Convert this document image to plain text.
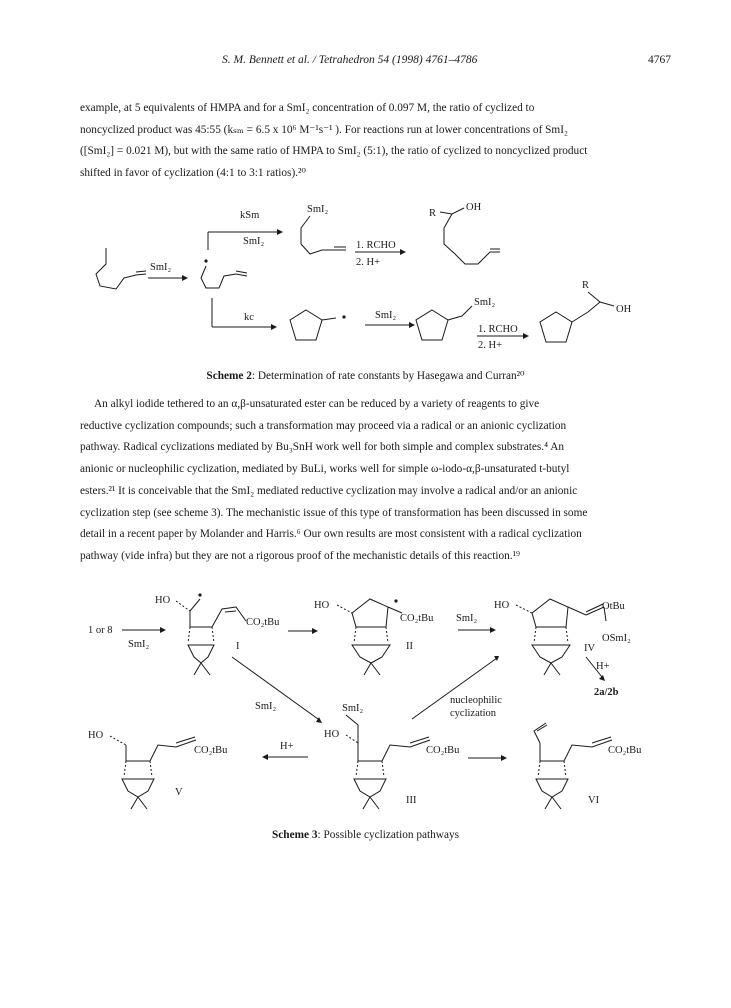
S. M. Bennett et al. / Tetrahedron 54 (1998) 4761–4786	4767

example, at 5 equivalents of HMPA and for a SmI₂ concentration of 0.097 M, the ratio of cyclized to

noncyclized product was 45:55 (kₛₘ = 6.5 x 10⁶ M⁻¹s⁻¹ ). For reactions run at lower concentrations of SmI₂

([SmI₂] = 0.021 M), but with the same ratio of HMPA to SmI₂ (5:1), the ratio of cyclized to noncyclized product

shifted in favor of cyclization (4:1 to 3:1 ratios).²⁰

SmI₂
kSm
SmI₂
SmI₂
1. RCHO
2. H+
R
OH
kc	SmI₂
SmI₂
1. RCHO
2. H+
R
OH
Scheme 2: Determination of rate constants by Hasegawa and Curran²⁰

An alkyl iodide tethered to an α,β-unsaturated ester can be reduced by a variety of reagents to give

reductive cyclization compounds; such a transformation may proceed via a radical or an anionic cyclization

pathway. Radical cyclizations mediated by Bu₃SnH work well for both simple and complex substrates.⁴ An

anionic or nucleophilic cyclization, mediated by BuLi, works well for simple ω-iodo-α,β-unsaturated t-butyl

esters.²¹ It is conceivable that the SmI₂ mediated reductive cyclization may involve a radical and/or an anionic

cyclization step (see scheme 3). The mechanistic issue of this type of transformation has been discussed in some

detail in a recent paper by Molander and Harris.⁶ Our own results are most consistent with a radical cyclization

pathway (vide infra) but they are not a rigorous proof of the mechanistic details of this reaction.¹⁹

1 or 8
SmI₂
HO
CO₂tBu
I
HO
CO₂tBu SmI₂
II
HO	OtBu
OSmI₂
IV
H+
2a/2b
SmI₂
nucleophilic
cyclization
HO
CO₂tBu	H+
V
SmI₂
HO
CO₂tBu
III
CO₂tBu
VI
Scheme 3: Possible cyclization pathways
